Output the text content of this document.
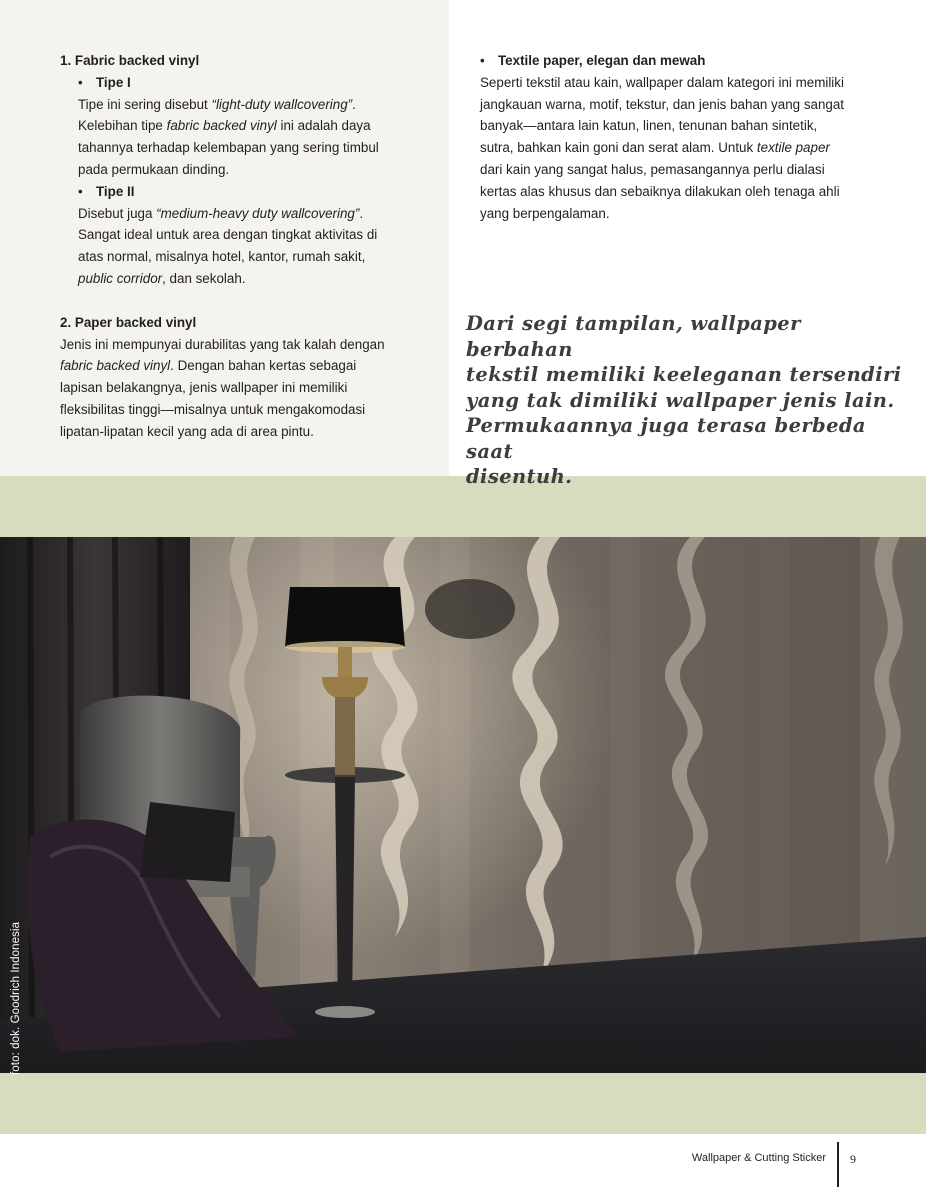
1. Fabric backed vinyl
• Tipe I
Tipe ini sering disebut “light-duty wallcovering”.
Kelebihan tipe fabric backed vinyl ini adalah daya
tahannya terhadap kelembapan yang sering timbul
pada permukaan dinding.
• Tipe II
Disebut juga “medium-heavy duty wallcovering”.
Sangat ideal untuk area dengan tingkat aktivitas di
atas normal, misalnya hotel, kantor, rumah sakit,
public corridor, dan sekolah.
2. Paper backed vinyl
Jenis ini mempunyai durabilitas yang tak kalah dengan
fabric backed vinyl. Dengan bahan kertas sebagai
lapisan belakangnya, jenis wallpaper ini memiliki
fleksibilitas tinggi—misalnya untuk mengakomodasi
lipatan-lipatan kecil yang ada di area pintu.
• Textile paper, elegan dan mewah
Seperti tekstil atau kain, wallpaper dalam kategori ini memiliki
jangkauan warna, motif, tekstur, dan jenis bahan yang sangat
banyak—antara lain katun, linen, tenunan bahan sintetik,
sutra, bahkan kain goni dan serat alam. Untuk textile paper
dari kain yang sangat halus, pemasangannya perlu dialasi
kertas alas khusus dan sebaiknya dilakukan oleh tenaga ahli
yang berpengalaman.
Dari segi tampilan, wallpaper berbahan
tekstil memiliki keeleganan tersendiri
yang tak dimiliki wallpaper jenis lain.
Permukaannya juga terasa berbeda saat
disentuh.
foto: dok. Goodrich Indonesia
Wallpaper & Cutting Sticker 9
